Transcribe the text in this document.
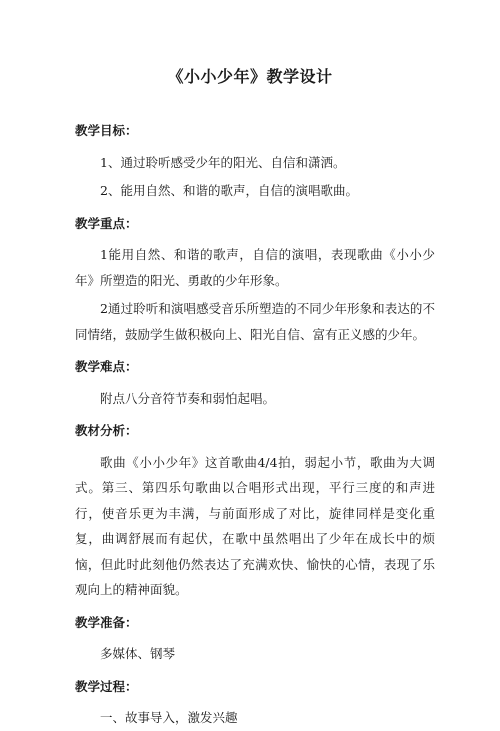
《小小少年》教学设计
教学目标：
1、通过聆听感受少年的阳光、自信和潇洒。
2、能用自然、和谐的歌声，自信的演唱歌曲。
教学重点：
1能用自然、和谐的歌声，自信的演唱，表现歌曲《小小少年》所塑造的阳光、勇敢的少年形象。
2通过聆听和演唱感受音乐所塑造的不同少年形象和表达的不同情绪，鼓励学生做积极向上、阳光自信、富有正义感的少年。
教学难点：
附点八分音符节奏和弱怕起唱。
教材分析：
歌曲《小小少年》这首歌曲4/4拍，弱起小节，歌曲为大调式。第三、第四乐句歌曲以合唱形式出现，平行三度的和声进行，使音乐更为丰满，与前面形成了对比，旋律同样是变化重复，曲调舒展而有起伏，在歌中虽然唱出了少年在成长中的烦恼，但此时此刻他仍然表达了充满欢快、愉快的心情，表现了乐观向上的精神面貌。
教学准备：
多媒体、钢琴
教学过程：
一、故事导入，激发兴趣
